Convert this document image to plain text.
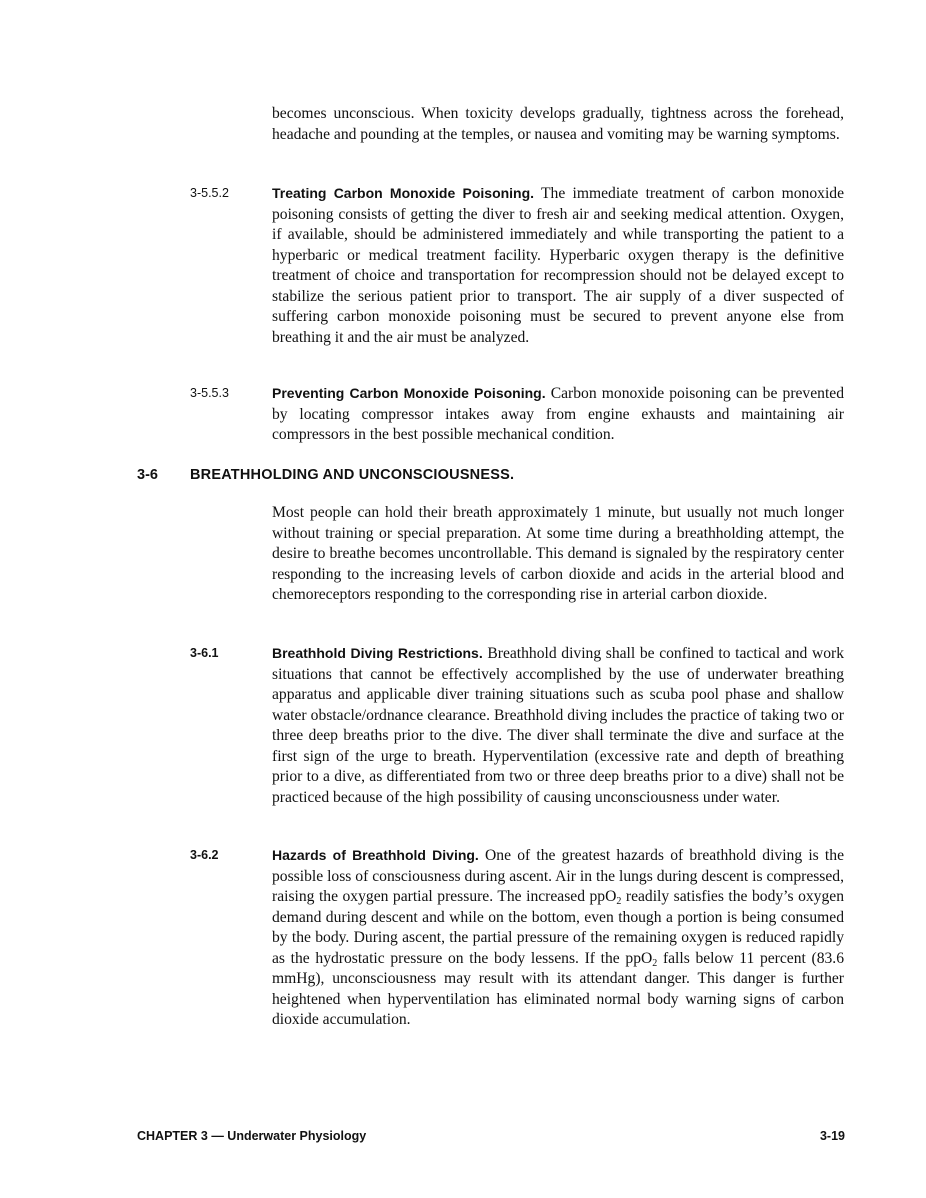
becomes unconscious. When toxicity develops gradually, tightness across the forehead, headache and pounding at the temples, or nausea and vomiting may be warning symptoms.

3-5.5.2	Treating Carbon Monoxide Poisoning. The immediate treatment of carbon monoxide poisoning consists of getting the diver to fresh air and seeking medical attention. Oxygen, if available, should be administered immediately and while transporting the patient to a hyperbaric or medical treatment facility. Hyperbaric oxygen therapy is the definitive treatment of choice and transportation for recompression should not be delayed except to stabilize the serious patient prior to transport. The air supply of a diver suspected of suffering carbon monoxide poisoning must be secured to prevent anyone else from breathing it and the air must be analyzed.

3-5.5.3	Preventing Carbon Monoxide Poisoning. Carbon monoxide poisoning can be prevented by locating compressor intakes away from engine exhausts and maintaining air compressors in the best possible mechanical condition.

3-6 BREATHHOLDING AND UNCONSCIOUSNESS.

Most people can hold their breath approximately 1 minute, but usually not much longer without training or special preparation. At some time during a breathholding attempt, the desire to breathe becomes uncontrollable. This demand is signaled by the respiratory center responding to the increasing levels of carbon dioxide and acids in the arterial blood and chemoreceptors responding to the corresponding rise in arterial carbon dioxide.

3-6.1	Breathhold Diving Restrictions. Breathhold diving shall be confined to tactical and work situations that cannot be effectively accomplished by the use of underwater breathing apparatus and applicable diver training situations such as scuba pool phase and shallow water obstacle/ordnance clearance. Breathhold diving includes the practice of taking two or three deep breaths prior to the dive. The diver shall terminate the dive and surface at the first sign of the urge to breath. Hyperventilation (excessive rate and depth of breathing prior to a dive, as differentiated from two or three deep breaths prior to a dive) shall not be practiced because of the high possibility of causing unconsciousness under water.

3-6.2	Hazards of Breathhold Diving. One of the greatest hazards of breathhold diving is the possible loss of consciousness during ascent. Air in the lungs during descent is compressed, raising the oxygen partial pressure. The increased ppO$_2$ readily satisfies the body’s oxygen demand during descent and while on the bottom, even though a portion is being consumed by the body. During ascent, the partial pressure of the remaining oxygen is reduced rapidly as the hydrostatic pressure on the body lessens. If the ppO$_2$ falls below 11 percent (83.6 mmHg), unconsciousness may result with its attendant danger. This danger is further heightened when hyperventilation has eliminated normal body warning signs of carbon dioxide accumulation.

CHAPTER 3 — Underwater Physiology	3-19
